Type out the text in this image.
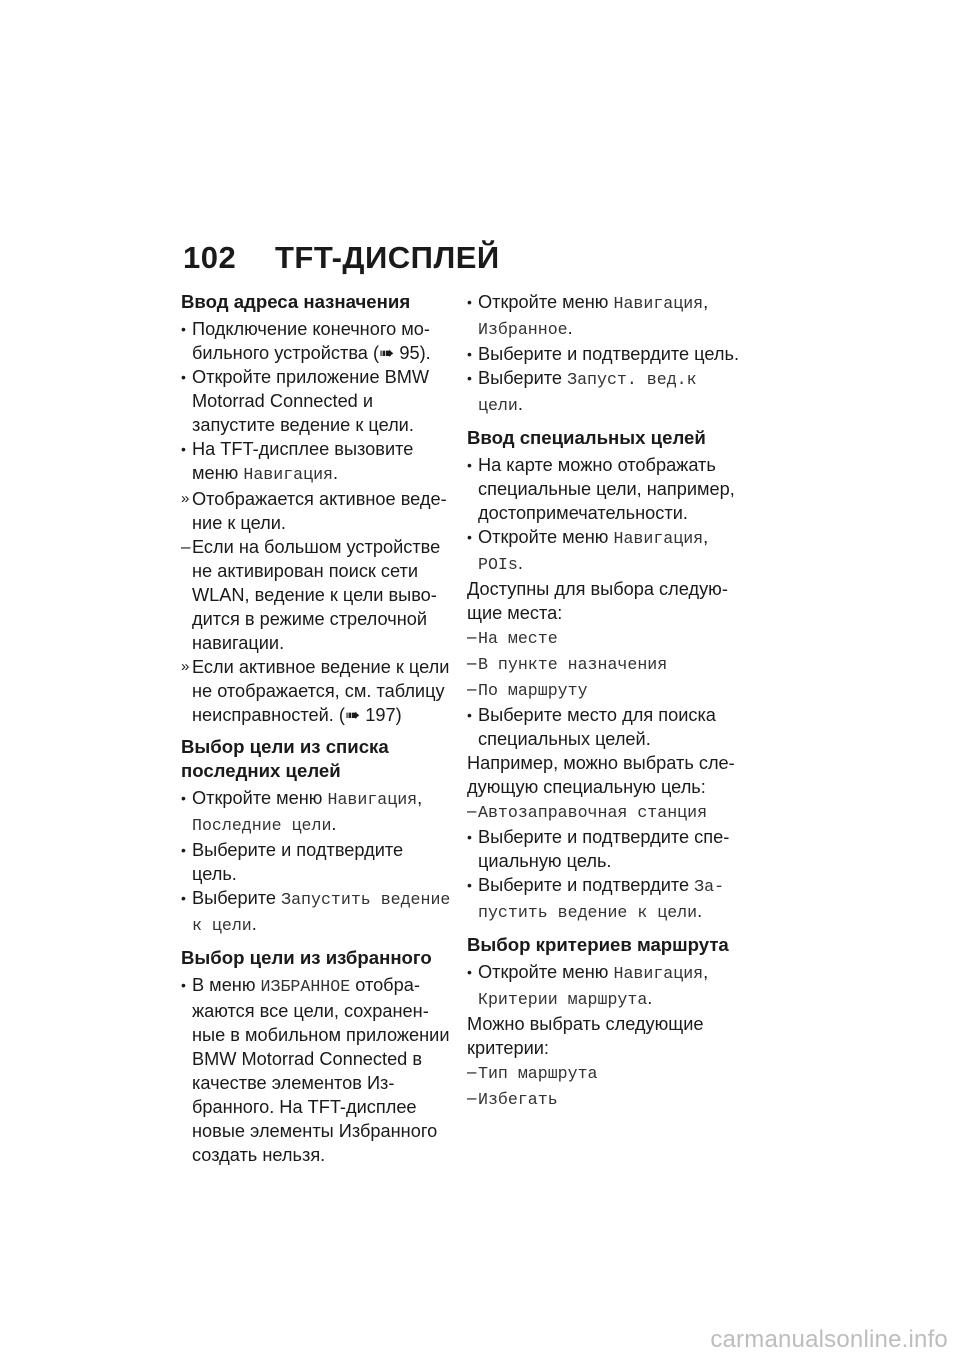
102 TFT-ДИСПЛЕЙ
Ввод адреса назначения
• Подключение конечного мобильного устройства (➠ 95).
• Откройте приложение BMW Motorrad Connected и запустите ведение к цели.
• На TFT-дисплее вызовите меню Навигация.
» Отображается активное ведение к цели.
– Если на большом устройстве не активирован поиск сети WLAN, ведение к цели выводится в режиме стрелочной навигации.
» Если активное ведение к цели не отображается, см. таблицу неисправностей. (➠ 197)
Выбор цели из списка последних целей
• Откройте меню Навигация, Последние цели.
• Выберите и подтвердите цель.
• Выберите Запустить ведение к цели.
Выбор цели из избранного
• В меню ИЗБРАННОЕ отображаются все цели, сохраненные в мобильном приложении BMW Motorrad Connected в качестве элементов Избранного. На TFT-дисплее новые элементы Избранного создать нельзя.
• Откройте меню Навигация, Избранное.
• Выберите и подтвердите цель.
• Выберите Запуст. вед.к цели.
Ввод специальных целей
• На карте можно отображать специальные цели, например, достопримечательности.
• Откройте меню Навигация, POIs.
Доступны для выбора следующие места:
– На месте
– В пункте назначения
– По маршруту
• Выберите место для поиска специальных целей.
Например, можно выбрать следующую специальную цель:
– Автозаправочная станция
• Выберите и подтвердите специальную цель.
• Выберите и подтвердите Запустить ведение к цели.
Выбор критериев маршрута
• Откройте меню Навигация, Критерии маршрута.
Можно выбрать следующие критерии:
– Тип маршрута
– Избегать
carmanualsonline.info
